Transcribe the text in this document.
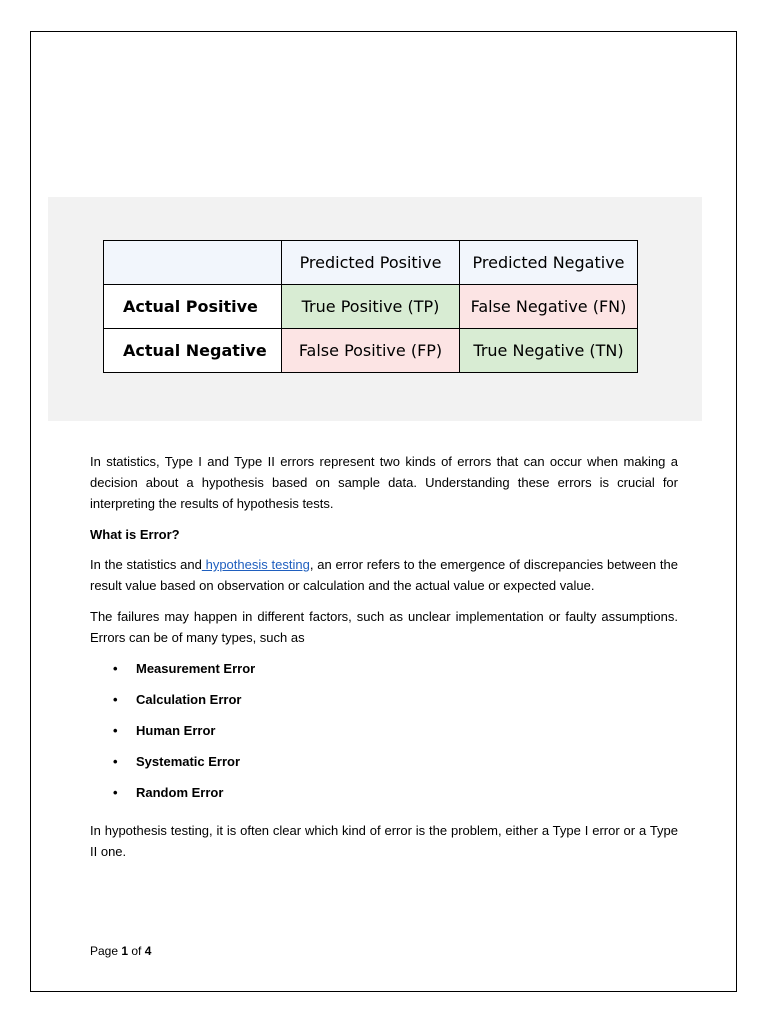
	Predicted Positive	Predicted Negative
Actual Positive	True Positive (TP)	False Negative (FN)
Actual Negative	False Positive (FP)	True Negative (TN)

In statistics, Type I and Type II errors represent two kinds of errors that can occur when making a decision about a hypothesis based on sample data. Understanding these errors is crucial for interpreting the results of hypothesis tests.

What is Error?

In the statistics and hypothesis testing, an error refers to the emergence of discrepancies between the result value based on observation or calculation and the actual value or expected value.

The failures may happen in different factors, such as unclear implementation or faulty assumptions. Errors can be of many types, such as

• Measurement Error
• Calculation Error
• Human Error
• Systematic Error
• Random Error

In hypothesis testing, it is often clear which kind of error is the problem, either a Type I error or a Type II one.

Page 1 of 4
